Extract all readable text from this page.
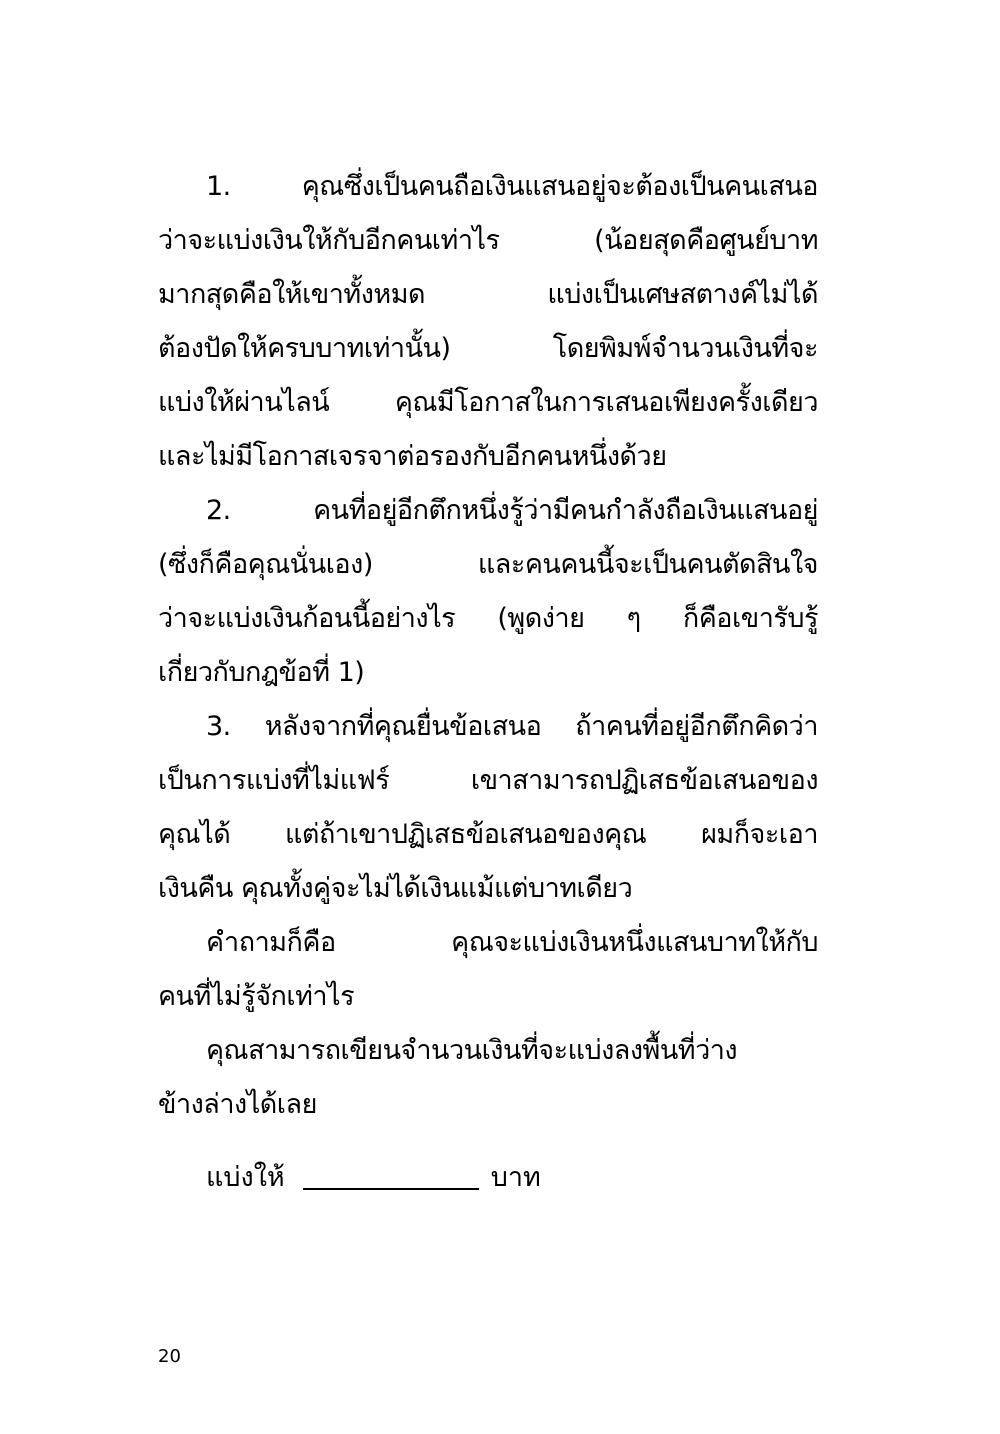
1. คุณซึ่งเป็นคนถือเงินแสนอยู่จะต้องเป็นคนเสนอ
ว่าจะแบ่งเงินให้กับอีกคนเท่าไร (น้อยสุดคือศูนย์บาท
มากสุดคือให้เขาทั้งหมด แบ่งเป็นเศษสตางค์ไม่ได้
ต้องปัดให้ครบบาทเท่านั้น) โดยพิมพ์จำนวนเงินที่จะ
แบ่งให้ผ่านไลน์ คุณมีโอกาสในการเสนอเพียงครั้งเดียว
และไม่มีโอกาสเจรจาต่อรองกับอีกคนหนึ่งด้วย
2. คนที่อยู่อีกตึกหนึ่งรู้ว่ามีคนกำลังถือเงินแสนอยู่
(ซึ่งก็คือคุณนั่นเอง) และคนคนนี้จะเป็นคนตัดสินใจ
ว่าจะแบ่งเงินก้อนนี้อย่างไร (พูดง่าย ๆ ก็คือเขารับรู้
เกี่ยวกับกฎข้อที่ 1)
3. หลังจากที่คุณยื่นข้อเสนอ ถ้าคนที่อยู่อีกตึกคิดว่า
เป็นการแบ่งที่ไม่แฟร์ เขาสามารถปฏิเสธข้อเสนอของ
คุณได้ แต่ถ้าเขาปฏิเสธข้อเสนอของคุณ ผมก็จะเอา
เงินคืน คุณทั้งคู่จะไม่ได้เงินแม้แต่บาทเดียว
คำถามก็คือ คุณจะแบ่งเงินหนึ่งแสนบาทให้กับ
คนที่ไม่รู้จักเท่าไร
คุณสามารถเขียนจำนวนเงินที่จะแบ่งลงพื้นที่ว่าง
ข้างล่างได้เลย
แบ่งให้	บาท
20
